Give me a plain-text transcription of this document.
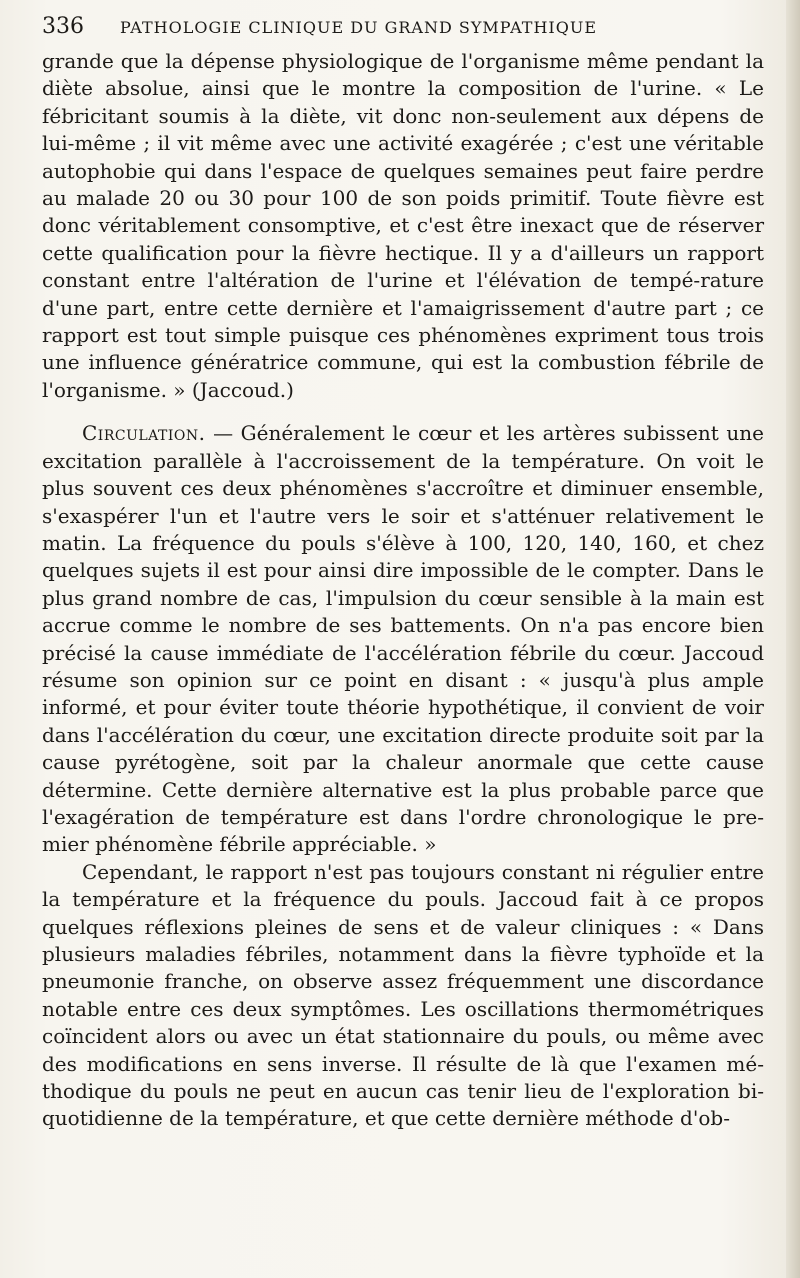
336 PATHOLOGIE CLINIQUE DU GRAND SYMPATHIQUE

grande que la dépense physiologique de l'organisme même pendant la diète absolue, ainsi que le montre la composition de l'urine. « Le fébricitant soumis à la diète, vit donc non-seulement aux dépens de lui-même ; il vit même avec une activité exagérée ; c'est une véritable autophobie qui dans l'espace de quelques semaines peut faire perdre au malade 20 ou 30 pour 100 de son poids primitif. Toute fièvre est donc véritablement consomptive, et c'est être inexact que de réserver cette qualification pour la fièvre hectique. Il y a d'ailleurs un rapport constant entre l'altération de l'urine et l'élévation de tempé-rature d'une part, entre cette dernière et l'amaigrissement d'autre part ; ce rapport est tout simple puisque ces phénomènes expriment tous trois une influence génératrice commune, qui est la combustion fébrile de l'organisme. » (Jaccoud.)

Circulation. — Généralement le cœur et les artères subissent une excitation parallèle à l'accroissement de la température. On voit le plus souvent ces deux phénomènes s'accroître et diminuer ensemble, s'exaspérer l'un et l'autre vers le soir et s'atténuer relativement le matin. La fréquence du pouls s'élève à 100, 120, 140, 160, et chez quelques sujets il est pour ainsi dire impossible de le compter. Dans le plus grand nombre de cas, l'impulsion du cœur sensible à la main est accrue comme le nombre de ses battements. On n'a pas encore bien précisé la cause immédiate de l'accélération fébrile du cœur. Jaccoud résume son opinion sur ce point en disant : « jusqu'à plus ample informé, et pour éviter toute théorie hypothétique, il convient de voir dans l'accélération du cœur, une excitation directe produite soit par la cause pyrétogène, soit par la chaleur anormale que cette cause détermine. Cette dernière alternative est la plus probable parce que l'exagération de température est dans l'ordre chronologique le pre-mier phénomène fébrile appréciable. »

Cependant, le rapport n'est pas toujours constant ni régulier entre la température et la fréquence du pouls. Jaccoud fait à ce propos quelques réflexions pleines de sens et de valeur cliniques : « Dans plusieurs maladies fébriles, notamment dans la fièvre typhoïde et la pneumonie franche, on observe assez fréquemment une discordance notable entre ces deux symptômes. Les oscillations thermométriques coïncident alors ou avec un état stationnaire du pouls, ou même avec des modifications en sens inverse. Il résulte de là que l'examen mé-thodique du pouls ne peut en aucun cas tenir lieu de l'exploration bi-quotidienne de la température, et que cette dernière méthode d'ob-
